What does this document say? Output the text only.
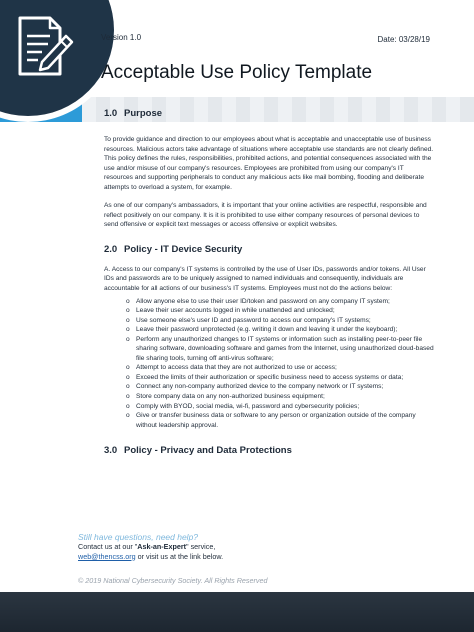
Version 1.0	Date: 03/28/19
Acceptable Use Policy Template
1.0 Purpose

To provide guidance and direction to our employees about what is acceptable and unacceptable use of business resources. Malicious actors take advantage of situations where acceptable use standards are not clearly defined. This policy defines the rules, responsibilities, prohibited actions, and potential consequences associated with the use and/or misuse of our company's resources. Employees are prohibited from using our company's IT resources and supporting peripherals to conduct any malicious acts like mail bombing, flooding and deliberate attempts to overload a system, for example.

As one of our company's ambassadors, it is important that your online activities are respectful, responsible and reflect positively on our company. It is it is prohibited to use either company resources of personal devices to send offensive or explicit text messages or access offensive or explicit websites.

2.0 Policy - IT Device Security

A. Access to our company's IT systems is controlled by the use of User IDs, passwords and/or tokens. All User IDs and passwords are to be uniquely assigned to named individuals and consequently, individuals are accountable for all actions of our business's IT systems. Employees must not do the actions below:

o Allow anyone else to use their user ID/token and password on any company IT system;
o Leave their user accounts logged in while unattended and unlocked;
o Use someone else's user ID and password to access our company's IT systems;
o Leave their password unprotected (e.g. writing it down and leaving it under the keyboard);
o Perform any unauthorized changes to IT systems or information such as installing peer-to-peer file sharing software, downloading software and games from the Internet, using unauthorized cloud-based file sharing tools, turning off anti-virus software;
o Attempt to access data that they are not authorized to use or access;
o Exceed the limits of their authorization or specific business need to access systems or data;
o Connect any non-company authorized device to the company network or IT systems;
o Store company data on any non-authorized business equipment;
o Comply with BYOD, social media, wi-fi, password and cybersecurity policies;
o Give or transfer business data or software to any person or organization outside of the company without leadership approval.
3.0 Policy - Privacy and Data Protections
Still have questions, need help?
Contact us at our "Ask-an-Expert" service,
web@thencss.org or visit us at the link below.
© 2019 National Cybersecurity Society. All Rights Reserved
